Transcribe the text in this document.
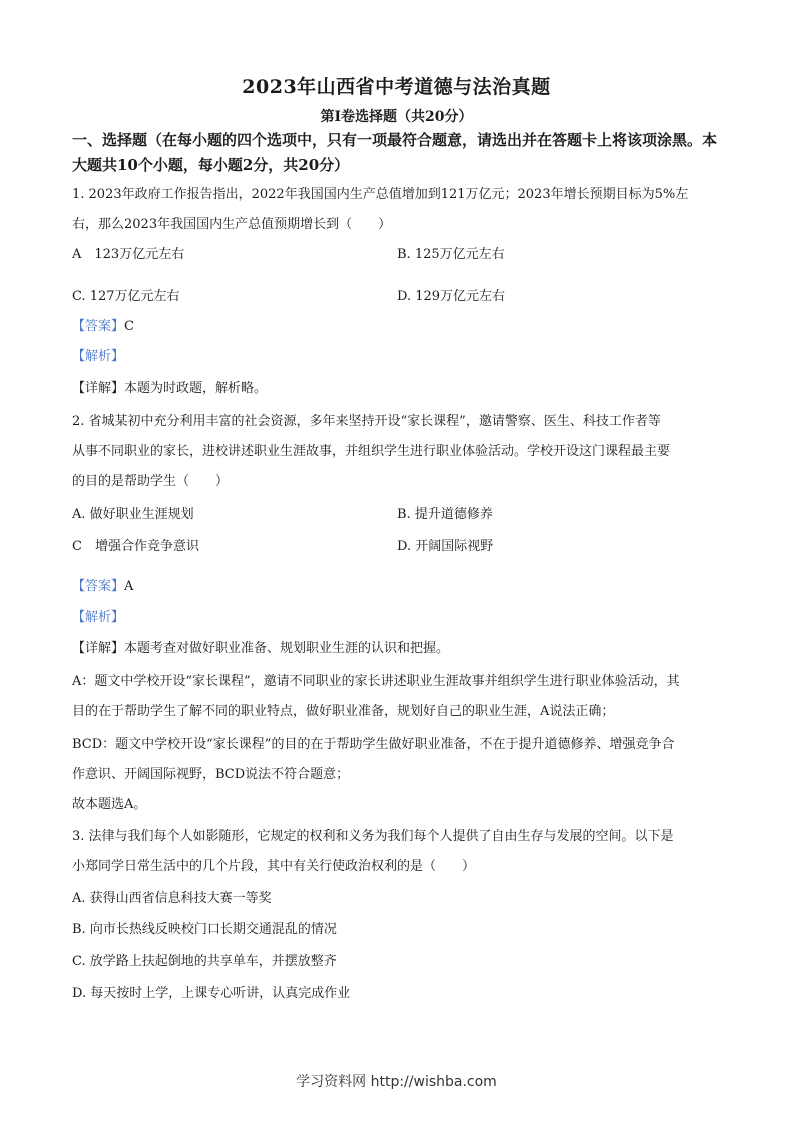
2023年山西省中考道德与法治真题
第Ⅰ卷选择题（共20分）
一、选择题（在每小题的四个选项中，只有一项最符合题意，请选出并在答题卡上将该项涂黑。本大题共10个小题，每小题2分，共20分）
1. 2023年政府工作报告指出，2022年我国国内生产总值增加到121万亿元；2023年增长预期目标为5%左
右，那么2023年我国国内生产总值预期增长到（　　）
A　123万亿元左右	B. 125万亿元左右
C. 127万亿元左右	D. 129万亿元左右
【答案】C
【解析】
【详解】本题为时政题，解析略。
2. 省城某初中充分利用丰富的社会资源，多年来坚持开设“家长课程”，邀请警察、医生、科技工作者等
从事不同职业的家长，进校讲述职业生涯故事，并组织学生进行职业体验活动。学校开设这门课程最主要
的目的是帮助学生（　　）
A. 做好职业生涯规划	B. 提升道德修养
C　增强合作竞争意识	D. 开阔国际视野
【答案】A
【解析】
【详解】本题考查对做好职业准备、规划职业生涯的认识和把握。
A：题文中学校开设“家长课程”，邀请不同职业的家长讲述职业生涯故事并组织学生进行职业体验活动，其
目的在于帮助学生了解不同的职业特点，做好职业准备，规划好自己的职业生涯，A说法正确；
BCD：题文中学校开设“家长课程”的目的在于帮助学生做好职业准备，不在于提升道德修养、增强竞争合
作意识、开阔国际视野，BCD说法不符合题意；
故本题选A。
3. 法律与我们每个人如影随形，它规定的权利和义务为我们每个人提供了自由生存与发展的空间。以下是
小郑同学日常生活中的几个片段，其中有关行使政治权利的是（　　）
A. 获得山西省信息科技大赛一等奖
B. 向市长热线反映校门口长期交通混乱的情况
C. 放学路上扶起倒地的共享单车，并摆放整齐
D. 每天按时上学，上课专心听讲，认真完成作业
学习资料网 http://wishba.com
